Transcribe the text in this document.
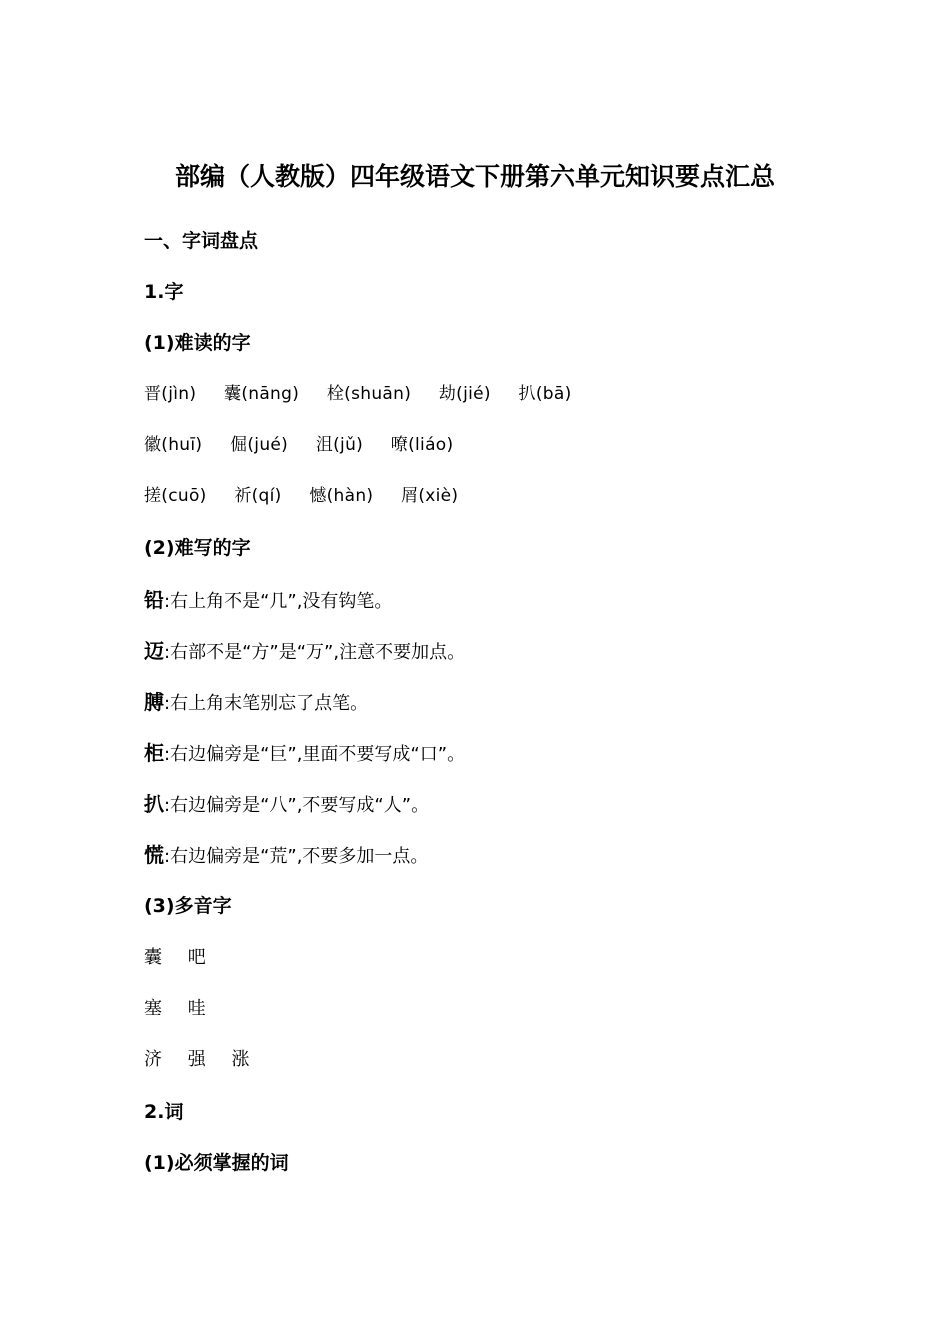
部编（人教版）四年级语文下册第六单元知识要点汇总
一、字词盘点
1.字
(1)难读的字
晋(jìn) 囊(nāng) 栓(shuān) 劫(jié) 扒(bā)
徽(huī) 倔(jué) 沮(jǔ) 嘹(liáo)
搓(cuō) 祈(qí) 憾(hàn) 屑(xiè)
(2)难写的字
铅:右上角不是“几”,没有钩笔。
迈:右部不是“方”是“万”,注意不要加点。
膊:右上角末笔别忘了点笔。
柜:右边偏旁是“巨”,里面不要写成“口”。
扒:右边偏旁是“八”,不要写成“人”。
慌:右边偏旁是“荒”,不要多加一点。
(3)多音字
囊 吧
塞 哇
济 强 涨
2.词
(1)必须掌握的词
